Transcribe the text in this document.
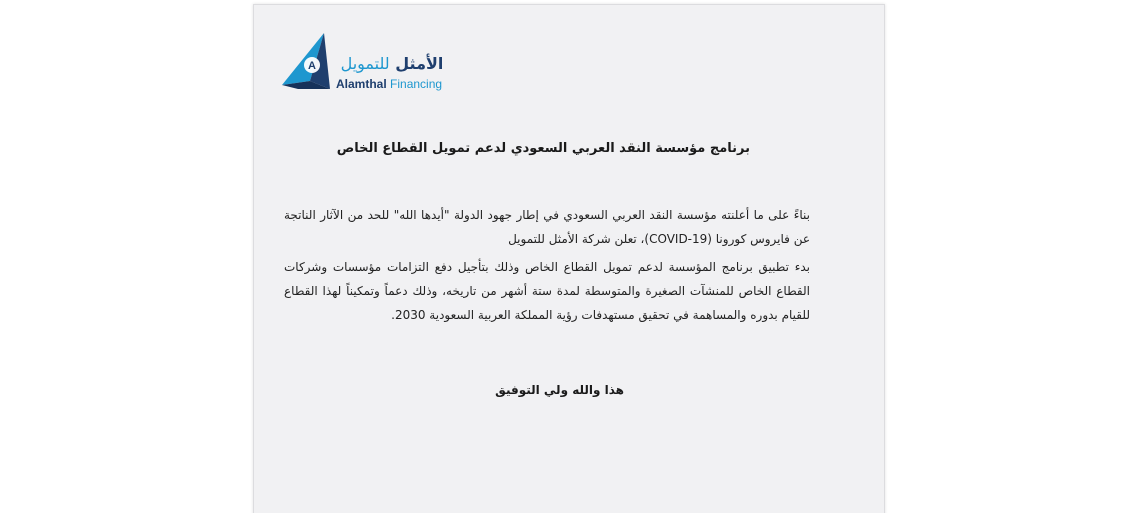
A	الأمثل للتمويل
Alamthal Financing
برنامج مؤسسة النقد العربي السعودي لدعم تمويل القطاع الخاص

بناءً على ما أعلنته مؤسسة النقد العربي السعودي في إطار جهود الدولة "أيدها الله" للحد من الآثار الناتجة عن فايروس كورونا (COVID-19)، تعلن شركة الأمثل للتمويل

بدء تطبيق برنامج المؤسسة لدعم تمويل القطاع الخاص وذلك بتأجيل دفع التزامات مؤسسات وشركات القطاع الخاص للمنشآت الصغيرة والمتوسطة لمدة ستة أشهر من تاريخه، وذلك دعماً وتمكيناً لهذا القطاع للقيام بدوره والمساهمة في تحقيق مستهدفات رؤية المملكة العربية السعودية 2030.

هذا والله ولي التوفيق
